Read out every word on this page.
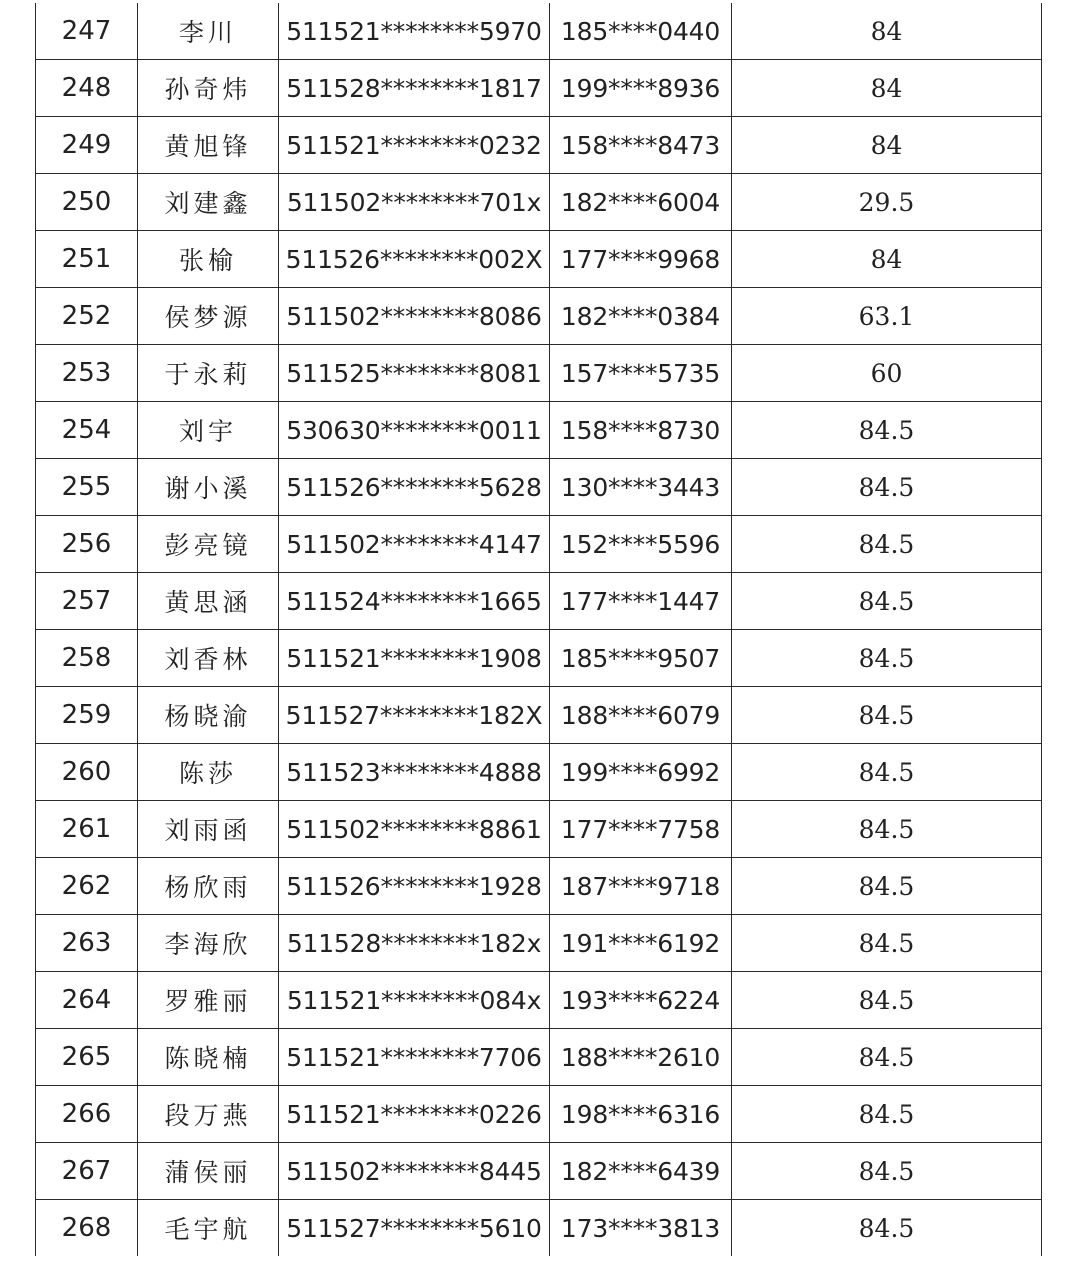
247	李川	511521********5970	185****0440	84
248	孙奇炜	511528********1817	199****8936	84
249	黄旭锋	511521********0232	158****8473	84
250	刘建鑫	511502********701x	182****6004	29.5
251	张榆	511526********002X	177****9968	84
252	侯梦源	511502********8086	182****0384	63.1
253	于永莉	511525********8081	157****5735	60
254	刘宇	530630********0011	158****8730	84.5
255	谢小溪	511526********5628	130****3443	84.5
256	彭亮镜	511502********4147	152****5596	84.5
257	黄思涵	511524********1665	177****1447	84.5
258	刘香林	511521********1908	185****9507	84.5
259	杨晓渝	511527********182X	188****6079	84.5
260	陈莎	511523********4888	199****6992	84.5
261	刘雨函	511502********8861	177****7758	84.5
262	杨欣雨	511526********1928	187****9718	84.5
263	李海欣	511528********182x	191****6192	84.5
264	罗雅丽	511521********084x	193****6224	84.5
265	陈晓楠	511521********7706	188****2610	84.5
266	段万燕	511521********0226	198****6316	84.5
267	蒲侯丽	511502********8445	182****6439	84.5
268	毛宇航	511527********5610	173****3813	84.5
